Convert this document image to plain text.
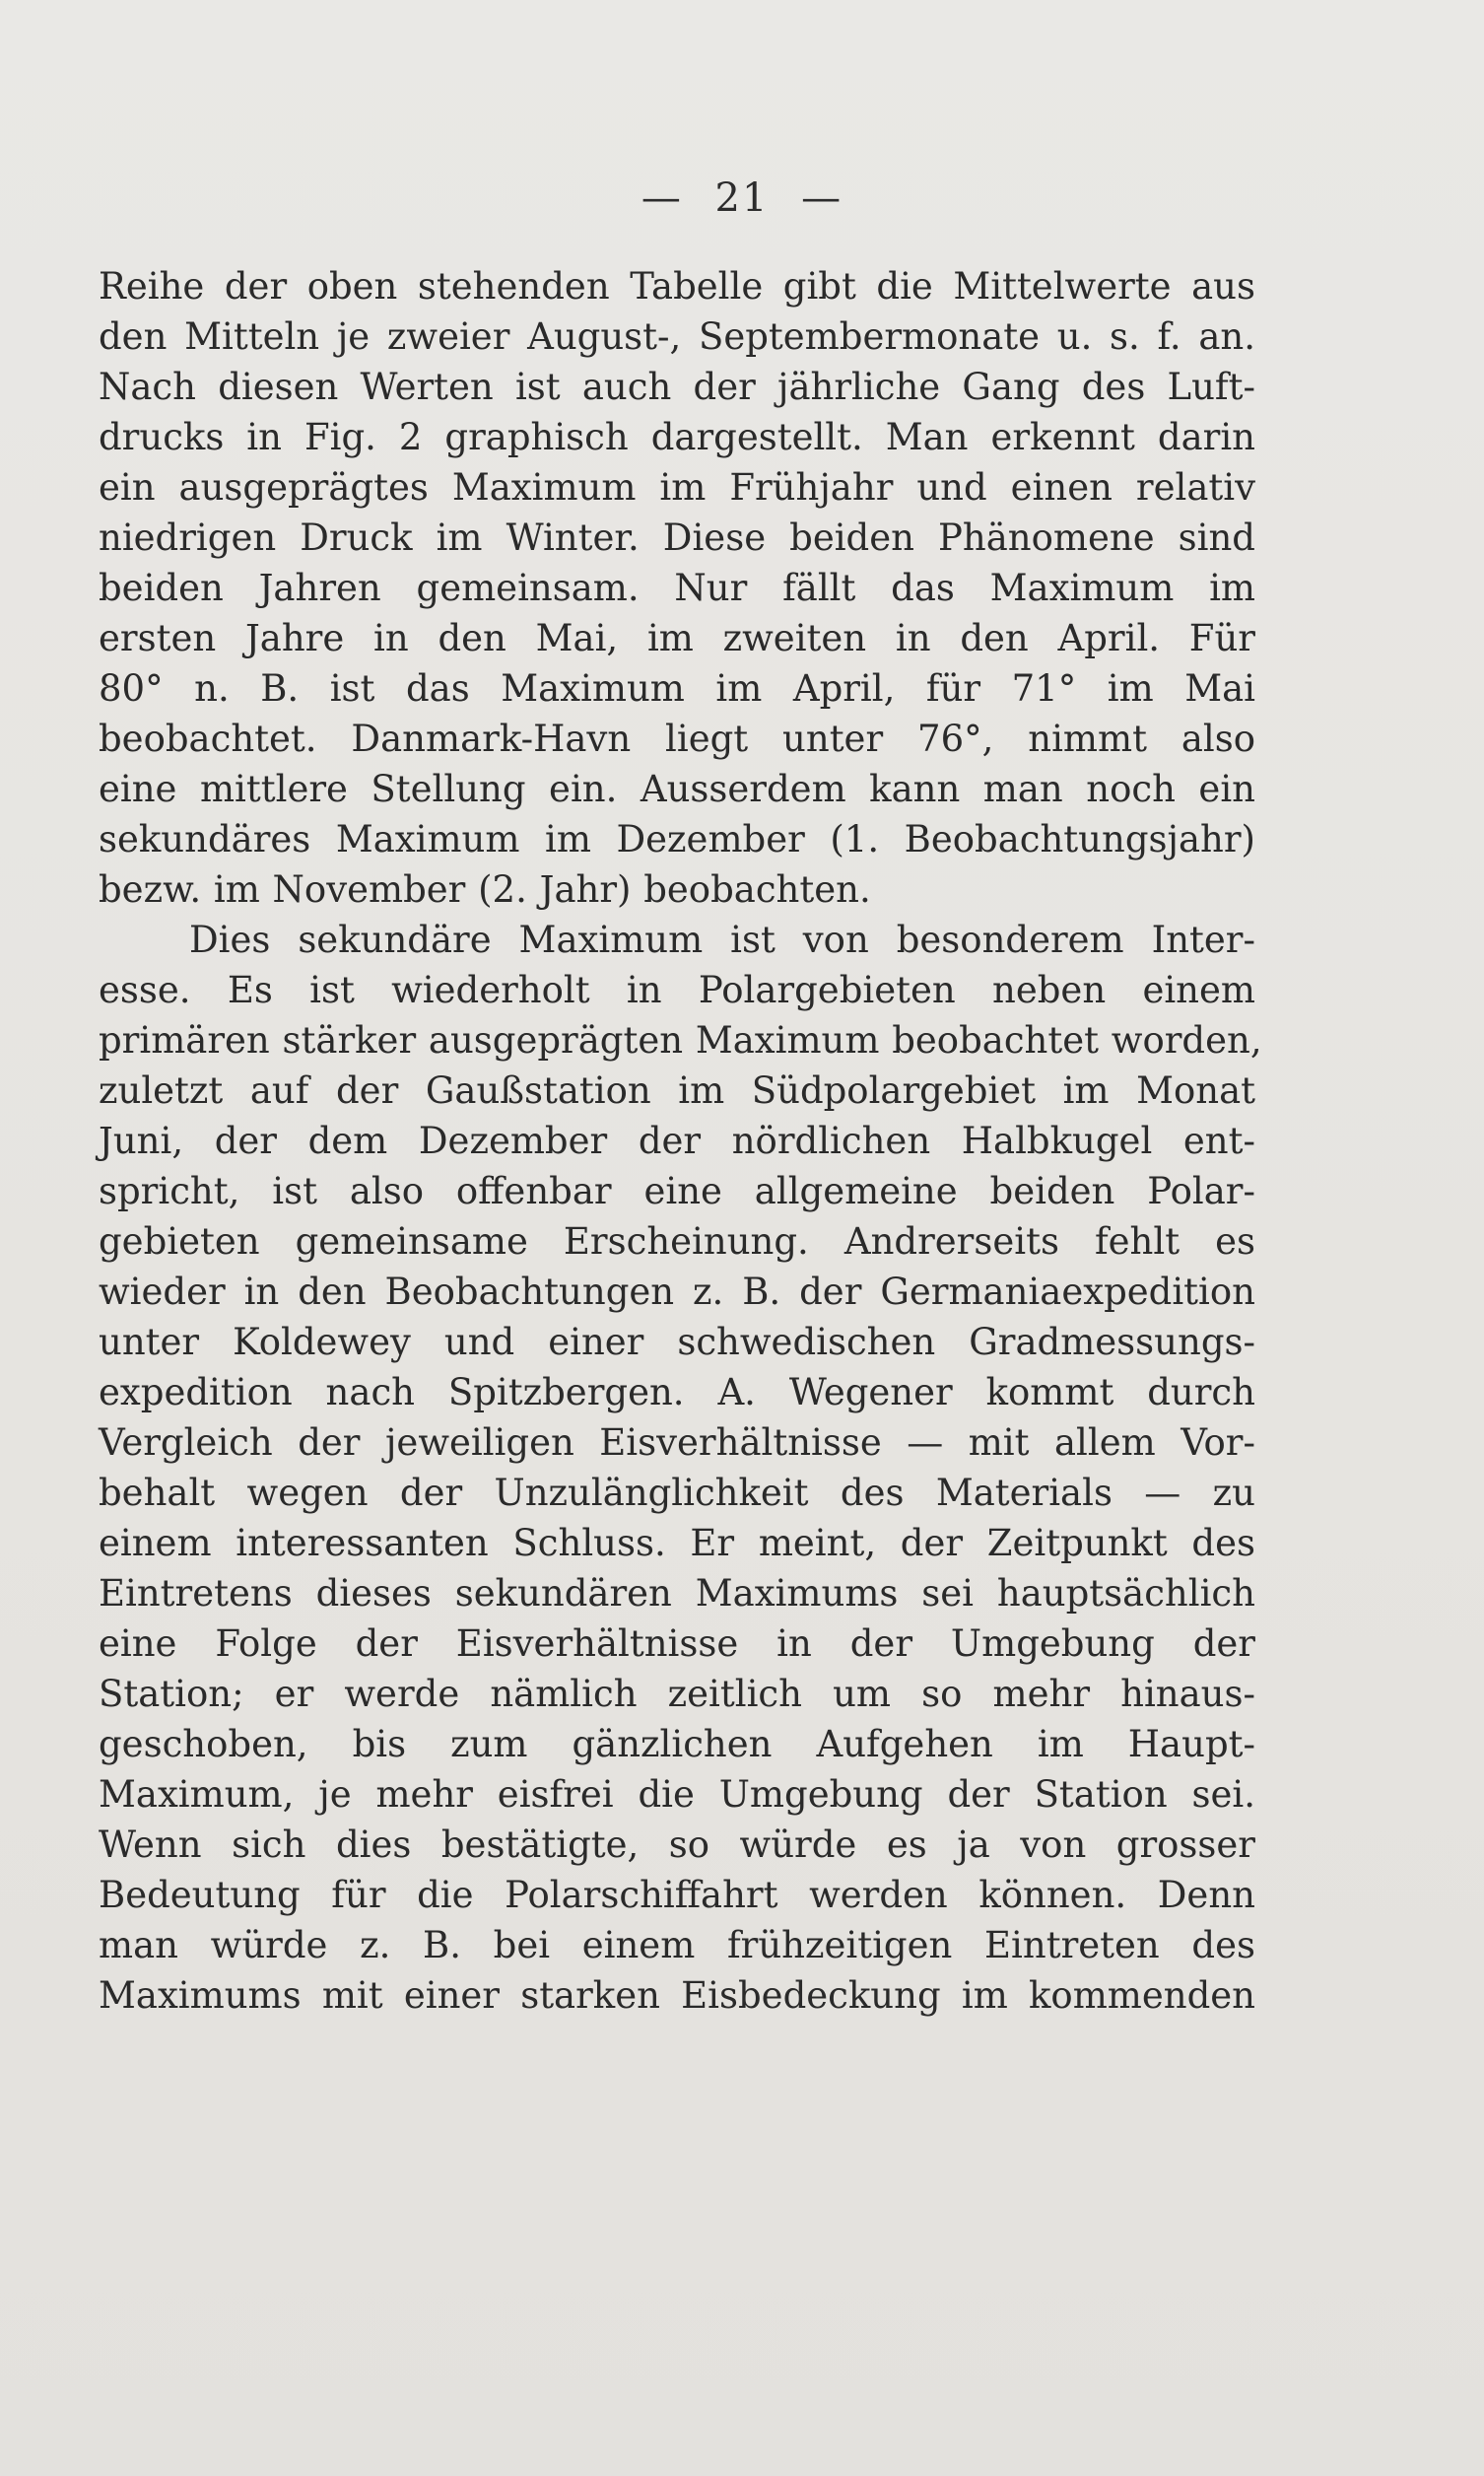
— 21 —
Reihe der oben stehenden Tabelle gibt die Mittelwerte aus
den Mitteln je zweier August-, Septembermonate u. s. f. an.
Nach diesen Werten ist auch der jährliche Gang des Luft-
drucks in Fig. 2 graphisch dargestellt. Man erkennt darin
ein ausgeprägtes Maximum im Frühjahr und einen relativ
niedrigen Druck im Winter. Diese beiden Phänomene sind
beiden Jahren gemeinsam. Nur fällt das Maximum im
ersten Jahre in den Mai, im zweiten in den April. Für
80° n. B. ist das Maximum im April, für 71° im Mai
beobachtet. Danmark-Havn liegt unter 76°, nimmt also
eine mittlere Stellung ein. Ausserdem kann man noch ein
sekundäres Maximum im Dezember (1. Beobachtungsjahr)
bezw. im November (2. Jahr) beobachten.
Dies sekundäre Maximum ist von besonderem Inter-
esse. Es ist wiederholt in Polargebieten neben einem
primären stärker ausgeprägten Maximum beobachtet worden,
zuletzt auf der Gaußstation im Südpolargebiet im Monat
Juni, der dem Dezember der nördlichen Halbkugel ent-
spricht, ist also offenbar eine allgemeine beiden Polar-
gebieten gemeinsame Erscheinung. Andrerseits fehlt es
wieder in den Beobachtungen z. B. der Germaniaexpedition
unter Koldewey und einer schwedischen Gradmessungs-
expedition nach Spitzbergen. A. Wegener kommt durch
Vergleich der jeweiligen Eisverhältnisse — mit allem Vor-
behalt wegen der Unzulänglichkeit des Materials — zu
einem interessanten Schluss. Er meint, der Zeitpunkt des
Eintretens dieses sekundären Maximums sei hauptsächlich
eine Folge der Eisverhältnisse in der Umgebung der
Station; er werde nämlich zeitlich um so mehr hinaus-
geschoben, bis zum gänzlichen Aufgehen im Haupt-
Maximum, je mehr eisfrei die Umgebung der Station sei.
Wenn sich dies bestätigte, so würde es ja von grosser
Bedeutung für die Polarschiffahrt werden können. Denn
man würde z. B. bei einem frühzeitigen Eintreten des
Maximums mit einer starken Eisbedeckung im kommenden
